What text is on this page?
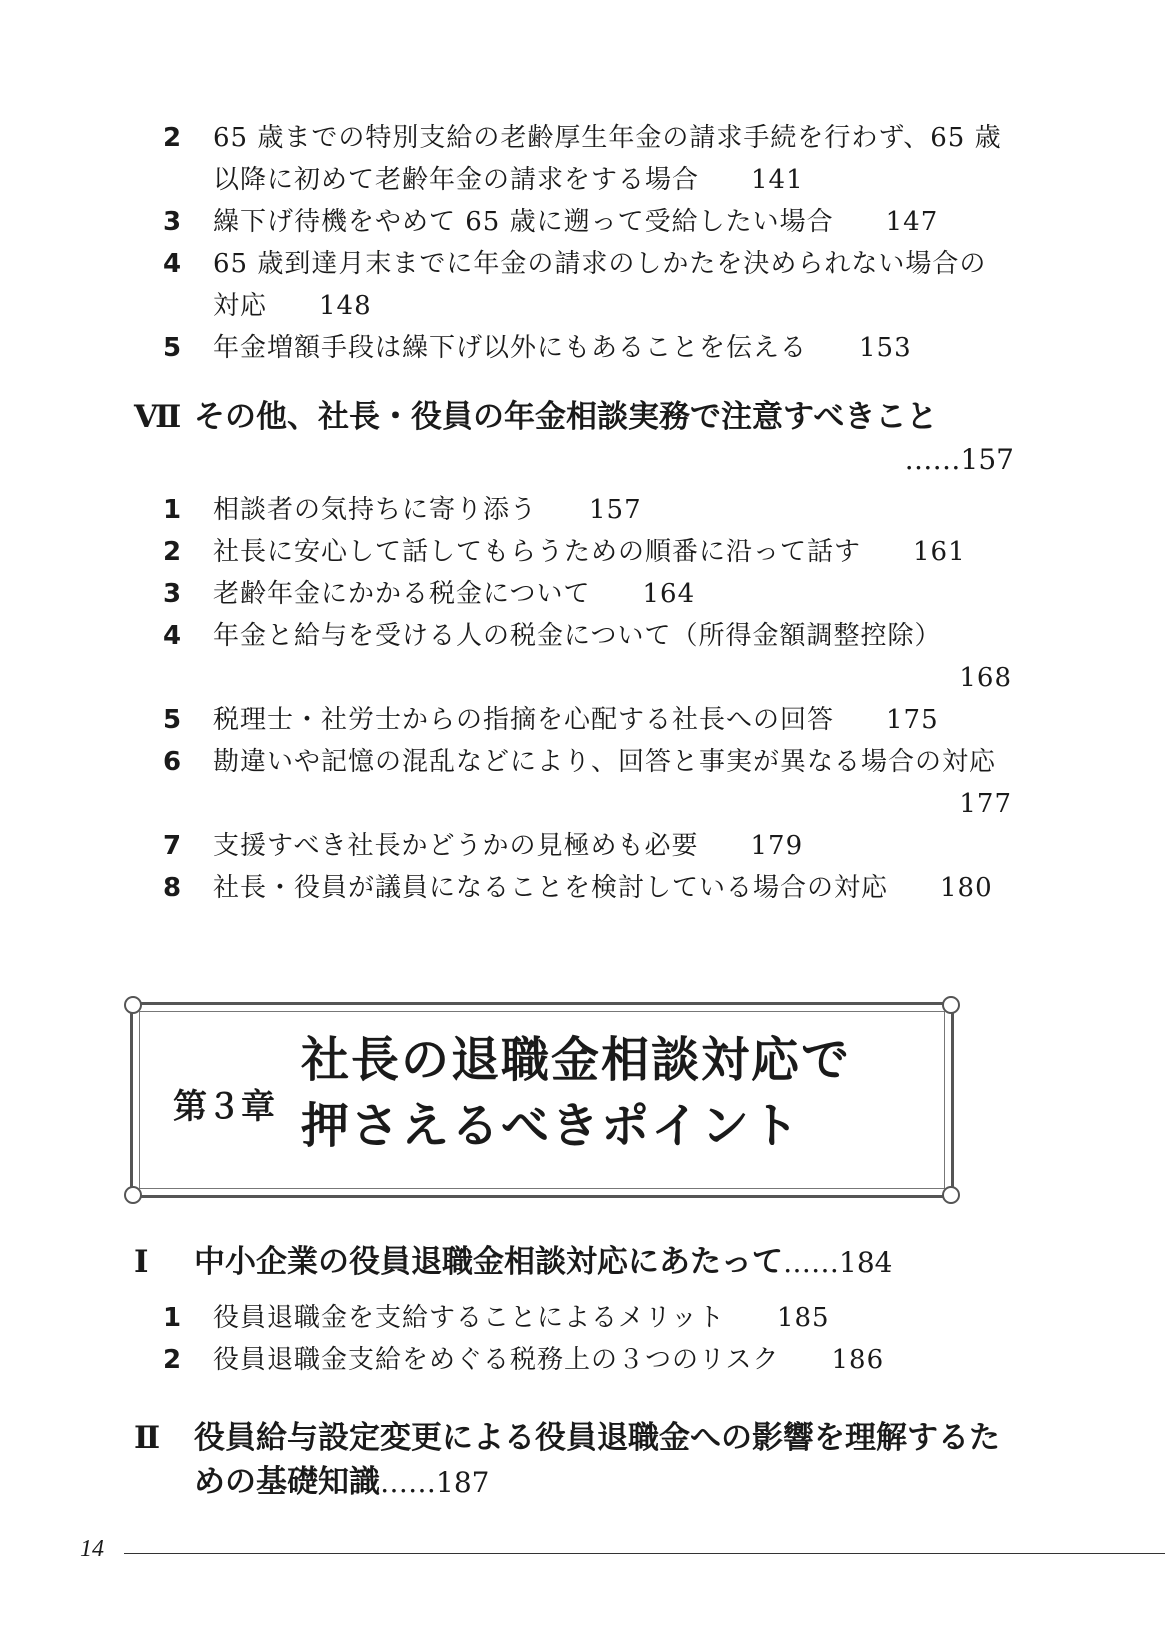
2	65 歳までの特別支給の老齢厚生年金の請求手続を行わず、65 歳
以降に初めて老齢年金の請求をする場合 141
3	繰下げ待機をやめて 65 歳に遡って受給したい場合 147
4	65 歳到達月末までに年金の請求のしかたを決められない場合の
対応 148
5	年金増額手段は繰下げ以外にもあることを伝える 153
Ⅶ その他、社長・役員の年金相談実務で注意すべきこと
……157
1	相談者の気持ちに寄り添う 157
2	社長に安心して話してもらうための順番に沿って話す 161
3	老齢年金にかかる税金について 164
4	年金と給与を受ける人の税金について（所得金額調整控除）
168
5	税理士・社労士からの指摘を心配する社長への回答 175
6	勘違いや記憶の混乱などにより、回答と事実が異なる場合の対応
177
7	支援すべき社長かどうかの見極めも必要 179
8	社長・役員が議員になることを検討している場合の対応 180
第３章
社長の退職金相談対応で
押さえるべきポイント
Ⅰ 中小企業の役員退職金相談対応にあたって……184
1	役員退職金を支給することによるメリット 185
2	役員退職金支給をめぐる税務上の３つのリスク 186
Ⅱ 役員給与設定変更による役員退職金への影響を理解するた
めの基礎知識……187
14
